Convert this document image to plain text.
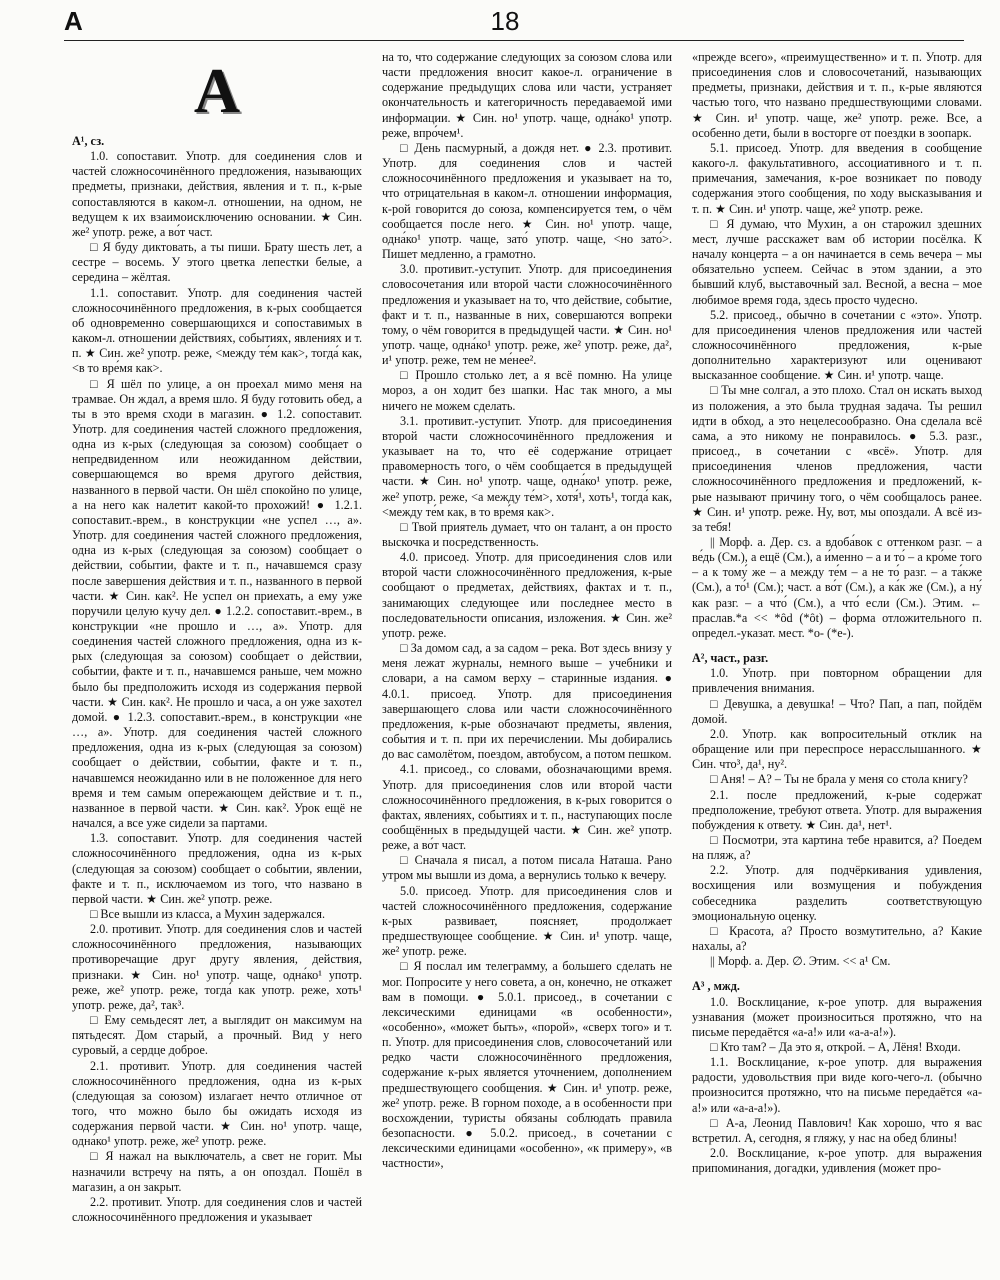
А	18
А

А¹, сз.

1.0. сопоставит. Употр. для соединения слов и частей сложносочинённого предложения, называющих предметы, признаки, действия, явления и т. п., к-рые сопоставляются в каком-л. отношении, на одном, не ведущем к их взаимоисключению основании. ★ Син. же² употр. реже, а во́т част.

□ Я буду диктовать, а ты пиши. Брату шесть лет, а сестре – восемь. У этого цветка лепестки белые, а серединa – жёлтая.

1.1. сопоставит. Употр. для соединения частей сложносочинённого предложения, в к-рых сообщается об одновременно совершающихся и сопоставимых в каком-л. отношении действиях, событиях, явлениях и т. п. ★ Син. же² употр. реже, <между те́м как>, тогда́ как, <в то вре́мя как>.

□ Я шёл по улице, а он проехал мимо меня на трамвае. Он ждал, а время шло. Я буду готовить обед, а ты в это время сходи в магазин. ● 1.2. сопоставит. Употр. для соединения частей сложного предложения, одна из к-рых (следующая за союзом) сообщает о непредвиденном или неожиданном действии, совершающемся во время другого действия, названного в первой части. Он шёл спокойно по улице, а на него как налетит какой-то прохожий! ● 1.2.1. сопоставит.-врем., в конструкции «не успел …, а». Употр. для соединения частей сложного предложения, одна из к-рых (следующая за союзом) сообщает о действии, событии, факте и т. п., начавшемся сразу после завершения действия и т. п., названного в первой части. ★ Син. как². Не успел он приехать, а ему уже поручили целую кучу дел. ● 1.2.2. сопоставит.-врем., в конструкции «не прошло и …, а». Употр. для соединения частей сложного предложения, одна из к-рых (следующая за союзом) сообщает о действии, событии, факте и т. п., начавшемся раньше, чем можно было бы предположить исходя из содержания первой части. ★ Син. как². Не прошло и часа, а он уже захотел домой. ● 1.2.3. сопоставит.-врем., в конструкции «не …, а». Употр. для соединения частей сложного предложения, одна из к-рых (следующая за союзом) сообщает о действии, событии, факте и т. п., начавшемся неожиданно или в не положенное для него время и тем самым опережающем действие и т. п., названное в первой части. ★ Син. как². Урок ещё не начался, а все уже сидели за партами.

1.3. сопоставит. Употр. для соединения частей сложносочинённого предложения, одна из к-рых (следующая за союзом) сообщает о событии, явлении, факте и т. п., исключаемом из того, что названо в первой части. ★ Син. же² употр. реже.

□ Все вышли из класса, а Мухин задержался.

2.0. противит. Употр. для соединения слов и частей сложносочинённого предложения, называющих противоречащие друг другу явления, действия, признаки. ★ Син. но¹ употр. чаще, одна́ко¹ употр. реже, же² употр. реже, тогда́ как употр. реже, хоть¹ употр. реже, да², так³.

□ Ему семьдесят лет, а выглядит он максимум на пятьдесят. Дом старый, а прочный. Вид у него суровый, а сердце доброе.

2.1. противит. Употр. для соединения частей сложносочинённого предложения, одна из к-рых (следующая за союзом) излагает нечто отличное от того, что можно было бы ожидать исходя из содержания первой части. ★ Син. но¹ употр. чаще, одна́ко¹ употр. реже, же² употр. реже.

□ Я нажал на выключатель, а свет не горит. Мы назначили встречу на пять, а он опоздал. Пошёл в магазин, а он закрыт.

2.2. противит. Употр. для соединения слов и частей сложносочинённого предложения и указывает

на то, что содержание следующих за союзом слова или части предложения вносит какое-л. ограничение в содержание предыдущих слова или части, устраняет окончательность и категоричность передаваемой ими информации. ★ Син. но¹ употр. чаще, одна́ко¹ употр. реже, впро́чем¹.

□ День пасмурный, а дождя нет. ● 2.3. противит. Употр. для соединения слов и частей сложносочинённого предложения и указывает на то, что отрицательная в каком-л. отношении информация, к-рой говорится до союза, компенсируется тем, о чём сообщается после него. ★ Син. но¹ употр. чаще, одна́ко¹ употр. чаще, зато́ употр. чаще, <но зато́>. Пишет медленно, а грамотно.

3.0. противит.-уступит. Употр. для присоединения словосочетания или второй части сложносочинённого предложения и указывает на то, что действие, событие, факт и т. п., названные в них, совершаются вопреки тому, о чём говорится в предыдущей части. ★ Син. но¹ употр. чаще, одна́ко¹ употр. реже, же² употр. реже, да², и¹ употр. реже, тем не ме́нее².

□ Прошло столько лет, а я всё помню. На улице мороз, а он ходит без шапки. Нас так много, а мы ничего не можем сделать.

3.1. противит.-уступит. Употр. для присоединения второй части сложносочинённого предложения и указывает на то, что её содержание отрицает правомерность того, о чём сообщается в предыдущей части. ★ Син. но¹ употр. чаще, одна́ко¹ употр. реже, же² употр. реже, <а между те́м>, хотя́¹, хоть¹, тогда́ как, <между те́м как, в то вре́мя как>.

□ Твой приятель думает, что он талант, а он просто выскочка и посредственность.

4.0. присоед. Употр. для присоединения слов или второй части сложносочинённого предложения, к-рые сообщают о предметах, действиях, фактах и т. п., занимающих следующее или последнее место в последовательности описания, изложения. ★ Син. же² употр. реже.

□ За домом сад, а за садом – река. Вот здесь внизу у меня лежат журналы, немного выше – учебники и словари, а на самом верху – старинные издания. ● 4.0.1. присоед. Употр. для присоединения завершающего слова или части сложносочинённого предложения, к-рые обозначают предметы, явления, события и т. п. при их перечислении. Мы добирались до вас самолётом, поездом, автобусом, а потом пешком.

4.1. присоед., со словами, обозначающими время. Употр. для присоединения слов или второй части сложносочинённого предложения, в к-рых говорится о фактах, явлениях, событиях и т. п., наступающих после сообщённых в предыдущей части. ★ Син. же² употр. реже, а во́т част.

□ Сначала я писал, а потом писала Наташа. Рано утром мы вышли из дома, а вернулись только к вечеру.

5.0. присоед. Употр. для присоединения слов и частей сложносочинённого предложения, содержание к-рых развивает, поясняет, продолжает предшествующее сообщение. ★ Син. и¹ употр. чаще, же² употр. реже.

□ Я послал им телеграмму, а большего сделать не мог. Попросите у него совета, а он, конечно, не откажет вам в помощи. ● 5.0.1. присоед., в сочетании с лексическими единицами «в особенности», «особенно», «может быть», «порой», «сверх того» и т. п. Употр. для присоединения слов, словосочетаний или редко части сложносочинённого предложения, содержание к-рых является уточнением, дополнением предшествующего сообщения. ★ Син. и¹ употр. реже, же² употр. реже. В горном походе, а в особенности при восхождении, туристы обязаны соблюдать правила безопасности. ● 5.0.2. присоед., в сочетании с лексическими единицами «особенно», «к примеру», «в частности»,

«прежде всего», «преимущественно» и т. п. Употр. для присоединения слов и словосочетаний, называющих предметы, признаки, действия и т. п., к-рые являются частью того, что названо предшествующими словами. ★ Син. и¹ употр. чаще, же² употр. реже. Все, а особенно дети, были в восторге от поездки в зоопарк.

5.1. присоед. Употр. для введения в сообщение какого-л. факультативного, ассоциативного и т. п. примечания, замечания, к-рое возникает по поводу содержания этого сообщения, по ходу высказывания и т. п. ★ Син. и¹ употр. чаще, же² употр. реже.

□ Я думаю, что Мухин, а он старожил здешних мест, лучше расскажет вам об истории посёлка. К началу концерта – а он начинается в семь вечера – мы обязательно успеем. Сейчас в этом здании, а это бывший клуб, выставочный зал. Весной, а весна – мое любимое время года, здесь просто чудесно.

5.2. присоед., обычно в сочетании с «это». Употр. для присоединения членов предложения или частей сложносочинённого предложения, к-рые дополнительно характеризуют или оценивают высказанное сообщение. ★ Син. и¹ употр. чаще.

□ Ты мне солгал, а это плохо. Стал он искать выход из положения, а это была трудная задача. Ты решил идти в обход, а это нецелесообразно. Она сделала всё сама, а это никому не понравилось. ● 5.3. разг., присоед., в сочетании с «всё». Употр. для присоединения членов предложения, части сложносочинённого предложения и предложений, к-рые называют причину того, о чём сообщалось ранее. ★ Син. и¹ употр. реже. Ну, вот, мы опоздали. А всё из-за тебя!

|| Морф. а. Дер. сз. а вдоба́вок с оттенком разг. – а ве́дь (См.), а ещё (См.), а и́менно – а и то́ – а кро́ме того – а к тому́ же – а между те́м – а не то́ разг. – а та́кже (См.), а то́¹ (См.); част. а во́т (См.), а ка́к же (См.), а ну́ как разг. – а что́ (См.), а что́ если (См.). Этим. ← праслав.*а << *ôd (*ôt) – форма отложительного п. определ.-указат. мест. *о- (*е-).

А², част., разг.

1.0. Употр. при повторном обращении для привлечения внимания.

□ Девушка, а девушка! – Что? Пап, а пап, пойдём домой.

2.0. Употр. как вопросительный отклик на обращение или при переспросе нерасслышанного. ★ Син. что³, да¹, ну².

□ Аня! – А? – Ты не брала у меня со стола книгу?

2.1. после предложений, к-рые содержат предположение, требуют ответа. Употр. для выражения побуждения к ответу. ★ Син. да¹, нет¹.

□ Посмотри, эта картина тебе нравится, а? Поедем на пляж, а?

2.2. Употр. для подчёркивания удивления, восхищения или возмущения и побуждения собеседника разделить соответствующую эмоциональную оценку.

□ Красота, а? Просто возмутительно, а? Какие нахалы, а?

|| Морф. а. Дер. ∅. Этим. << а¹ См.

А³ , мжд.

1.0. Восклицание, к-рое употр. для выражения узнавания (может произноситься протяжно, что на письме передаётся «а-а!» или «а-а-а!»).

□ Кто там? – Да это я, открой. – А, Лёня! Входи.

1.1. Восклицание, к-рое употр. для выражения радости, удовольствия при виде кого-чего-л. (обычно произносится протяжно, что на письме передаётся «а-а!» или «а-а-а!»).

□ А-а, Леонид Павлович! Как хорошо, что я вас встретил. А, сегодня, я гляжу, у нас на обед блины!

2.0. Восклицание, к-рое употр. для выражения припоминания, догадки, удивления (может про-
